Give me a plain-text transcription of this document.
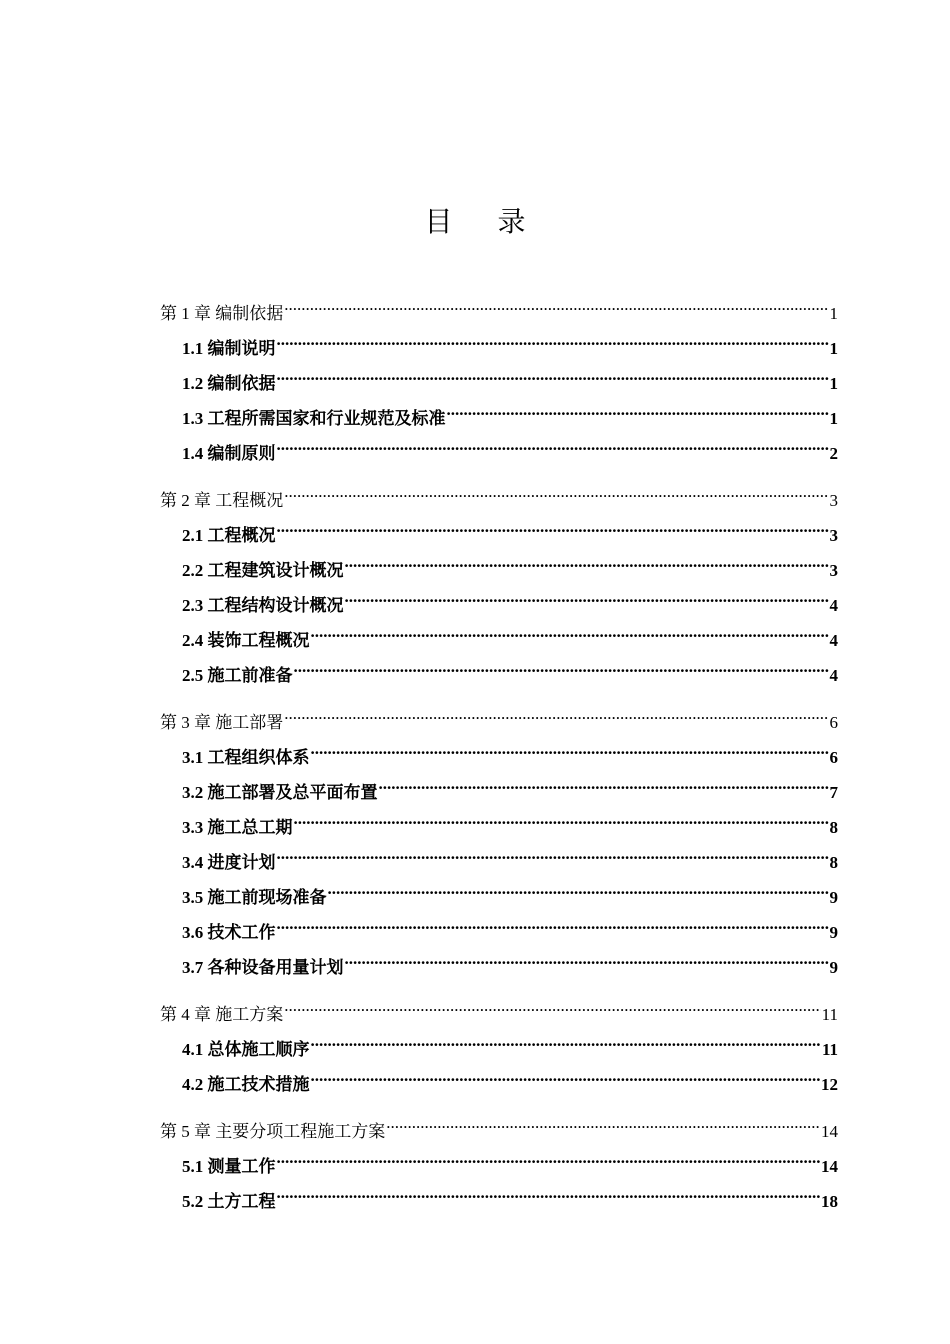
目 录
第 1 章 编制依据 .....	1
1.1 编制说明 .....	1
1.2 编制依据 .....	1
1.3 工程所需国家和行业规范及标准 .....	1
1.4 编制原则 .....	2
第 2 章 工程概况 .....	3
2.1 工程概况 .....	3
2.2 工程建筑设计概况 .....	3
2.3 工程结构设计概况 .....	4
2.4 装饰工程概况 .....	4
2.5 施工前准备 .....	4
第 3 章 施工部署 .....	6
3.1 工程组织体系 .....	6
3.2 施工部署及总平面布置 .....	7
3.3 施工总工期 .....	8
3.4 进度计划 .....	8
3.5 施工前现场准备 .....	9
3.6 技术工作 .....	9
3.7 各种设备用量计划 .....	9
第 4 章 施工方案 .....	11
4.1 总体施工顺序 .....	11
4.2 施工技术措施 .....	12
第 5 章 主要分项工程施工方案 .....	14
5.1 测量工作 .....	14
5.2 土方工程 .....	18
